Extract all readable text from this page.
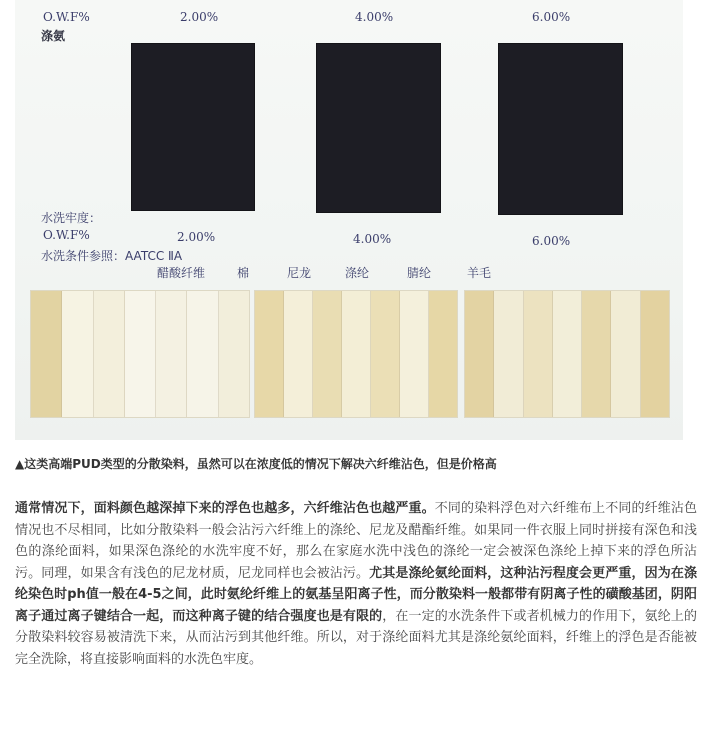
O.W.F%
涤氨
2.00%	4.00%	6.00%
水洗牢度：
O.W.F%
水洗条件参照：AATCC ⅡA
2.00%	4.00%	6.00%
醋酸纤维	棉	尼龙	涤纶	腈纶	羊毛
▲这类高端PUD类型的分散染料，虽然可以在浓度低的情况下解决六纤维沾色，但是价格高
通常情况下，面料颜色越深掉下来的浮色也越多，六纤维沾色也越严重。不同的染料浮色对六纤维布上不同的纤维沾色情况也不尽相同，比如分散染料一般会沾污六纤维上的涤纶、尼龙及醋酯纤维。如果同一件衣服上同时拼接有深色和浅色的涤纶面料，如果深色涤纶的水洗牢度不好，那么在家庭水洗中浅色的涤纶一定会被深色涤纶上掉下来的浮色所沾污。同理，如果含有浅色的尼龙材质，尼龙同样也会被沾污。尤其是涤纶氨纶面料，这种沾污程度会更严重，因为在涤纶染色时ph值一般在4-5之间，此时氨纶纤维上的氨基呈阳离子性，而分散染料一般都带有阴离子性的磺酸基团，阴阳离子通过离子键结合一起，而这种离子键的结合强度也是有限的，在一定的水洗条件下或者机械力的作用下，氨纶上的分散染料较容易被清洗下来，从而沾污到其他纤维。所以，对于涤纶面料尤其是涤纶氨纶面料，纤维上的浮色是否能被完全洗除，将直接影响面料的水洗色牢度。
